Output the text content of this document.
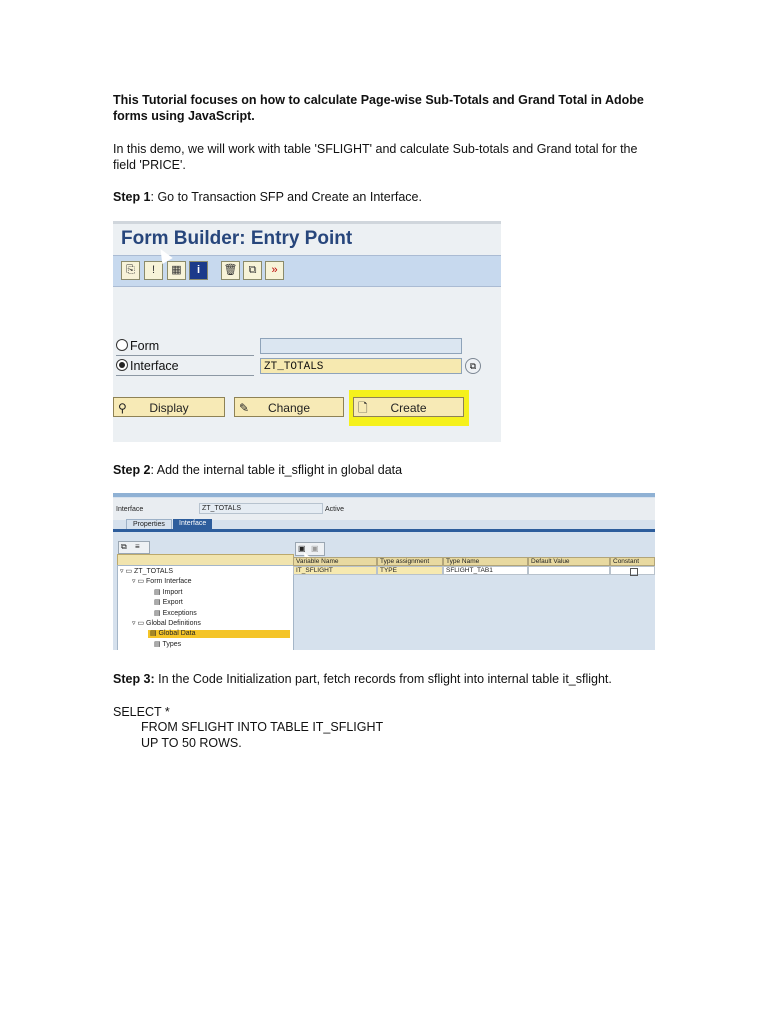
This Tutorial focuses on how to calculate Page-wise Sub-Totals and Grand Total in Adobe forms using JavaScript.
In this demo, we will work with table 'SFLIGHT' and calculate Sub-totals and Grand total for the field 'PRICE'.
Step 1: Go to Transaction SFP and Create an Interface.
Form Builder: Entry Point
⎘	!	▦	i	🗑	⧉	»
Form
Interface	ZT_TOTALS	⧉
⚲ Display	✎ Change	🗋 Create
Step 2: Add the internal table it_sflight in global data
Interface	ZT_TOTALS	Active
Properties	Interface
⧉ ≡
▿ ▭ ZT_TOTALS
▿ ▭ Form Interface
▤ Import
▤ Export
▤ Exceptions
▿ ▭ Global Definitions
▤ Global Data
▤ Types
▣ ▣
Variable Name	Type assignment	Type Name	Default Value	Constant
IT_SFLIGHT	TYPE	SFLIGHT_TAB1
Step 3: In the Code Initialization part, fetch records from sflight into internal table it_sflight.
SELECT *
FROM SFLIGHT INTO TABLE IT_SFLIGHT
UP TO 50 ROWS.
